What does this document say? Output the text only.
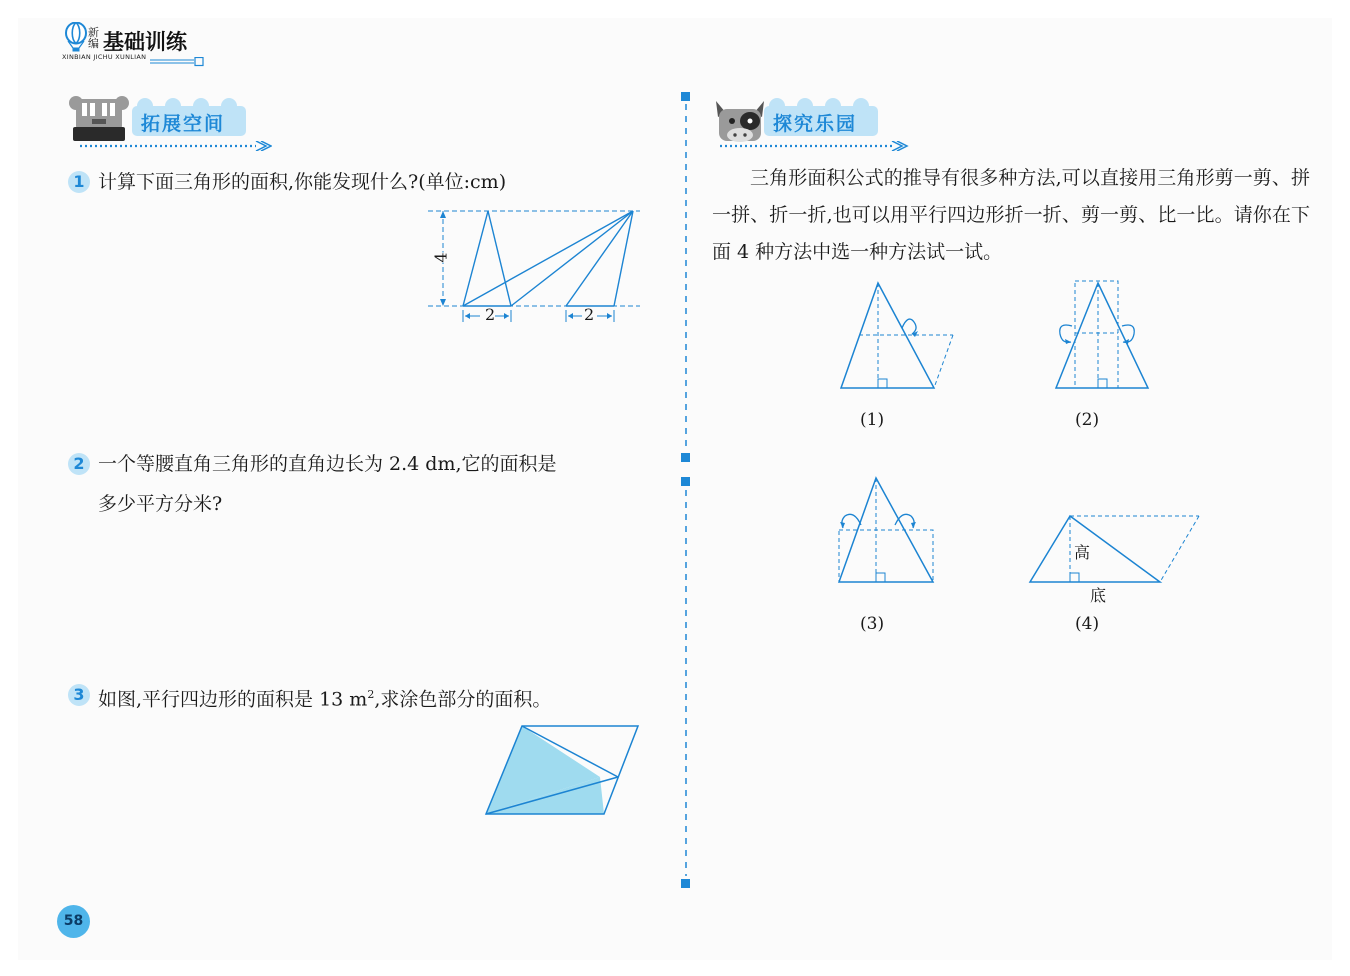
新编 基础训练
XINBIAN JICHU XUNLIAN
拓展空间
1 计算下面三角形的面积,你能发现什么?(单位:cm)
4
2	2
2 一个等腰直角三角形的直角边长为 2.4 dm,它的面积是
多少平方分米?
3 如图,平行四边形的面积是 13 $m^2$,求涂色部分的面积。
探究乐园
三角形面积公式的推导有很多种方法,可以直接用三角形剪一剪、拼一拼、折一折,也可以用平行四边形折一折、剪一剪、比一比。请你在下面 4 种方法中选一种方法试一试。
(1)	(2)
(3)
高
底
(4)
58
